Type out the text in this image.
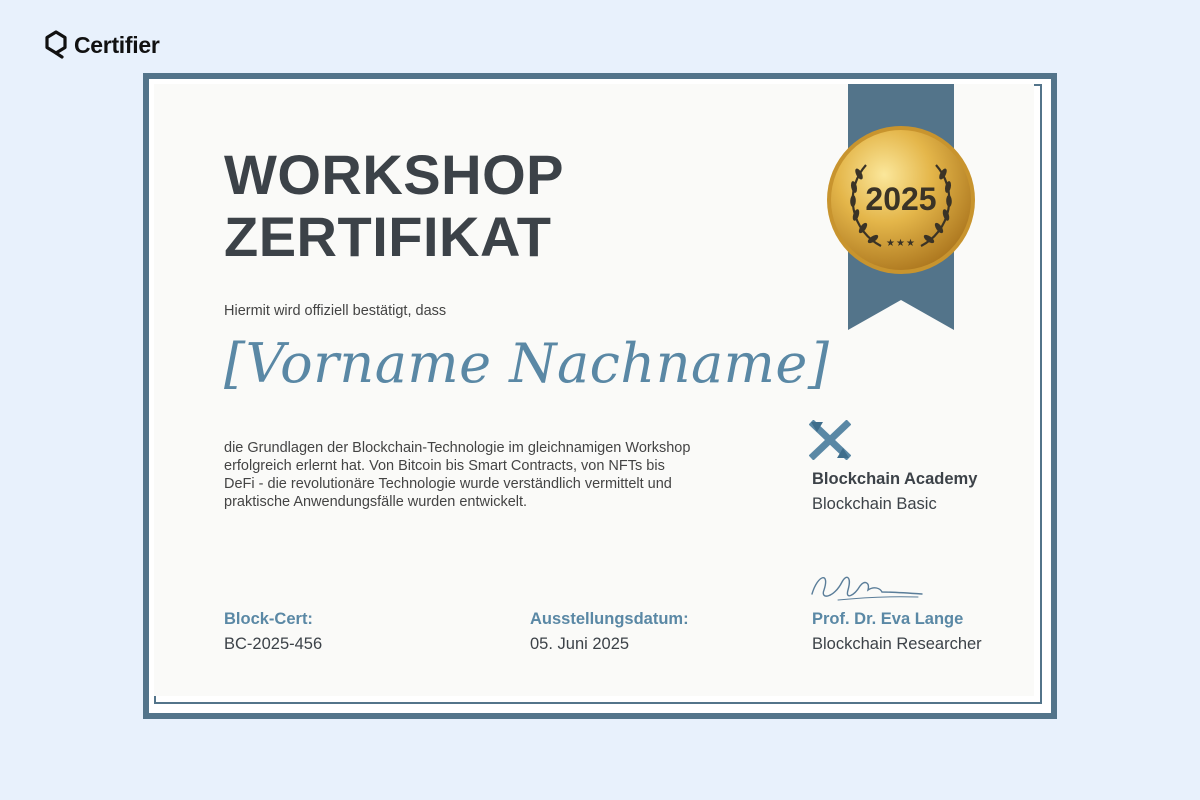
Certifier
WORKSHOP
ZERTIFIKAT
Hiermit wird offiziell bestätigt, dass
[Vorname Nachname]

die Grundlagen der Blockchain-Technologie im gleichnamigen Workshop erfolgreich erlernt hat. Von Bitcoin bis Smart Contracts, von NFTs bis DeFi - die revolutionäre Technologie wurde verständlich vermittelt und praktische Anwendungsfälle wurden entwickelt.

2025
★★★
Blockchain Academy
Blockchain Basic
Block-Cert:
BC-2025-456
Ausstellungsdatum:
05. Juni 2025
Prof. Dr. Eva Lange
Blockchain Researcher
